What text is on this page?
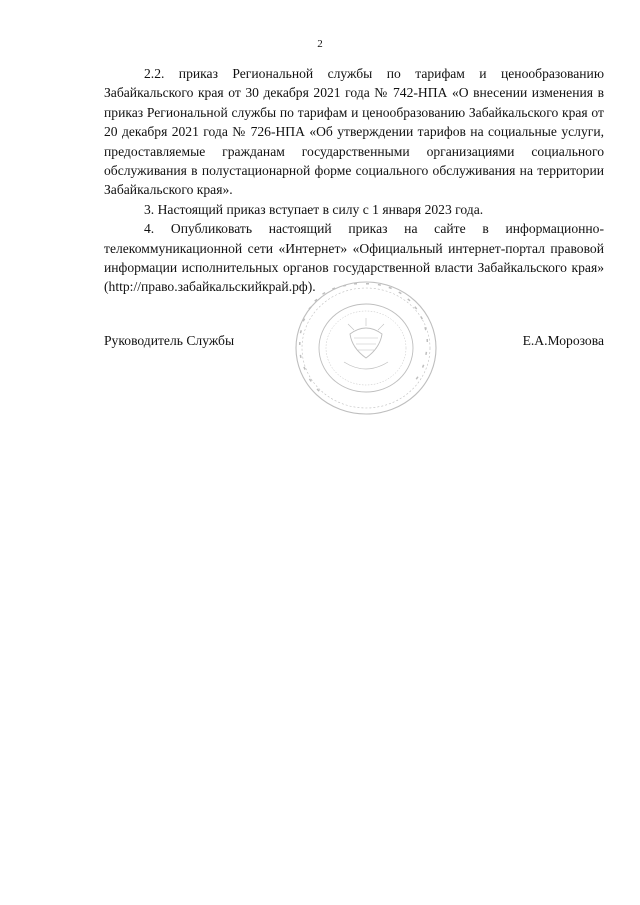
2

2.2. приказ Региональной службы по тарифам и ценообразованию Забайкальского края от 30 декабря 2021 года № 742-НПА «О внесении изменения в приказ Региональной службы по тарифам и ценообразованию Забайкальского края от 20 декабря 2021 года № 726-НПА «Об утверждении тарифов на социальные услуги, предоставляемые гражданам государственными организациями социального обслуживания в полустационарной форме социального обслуживания на территории Забайкальского края».

3. Настоящий приказ вступает в силу с 1 января 2023 года.

4. Опубликовать настоящий приказ на сайте в информационно-телекоммуникационной сети «Интернет» «Официальный интернет-портал правовой информации исполнительных органов государственной власти Забайкальского края» (http://право.забайкальскийкрай.рф).

Руководитель Службы	Е.А.Морозова
